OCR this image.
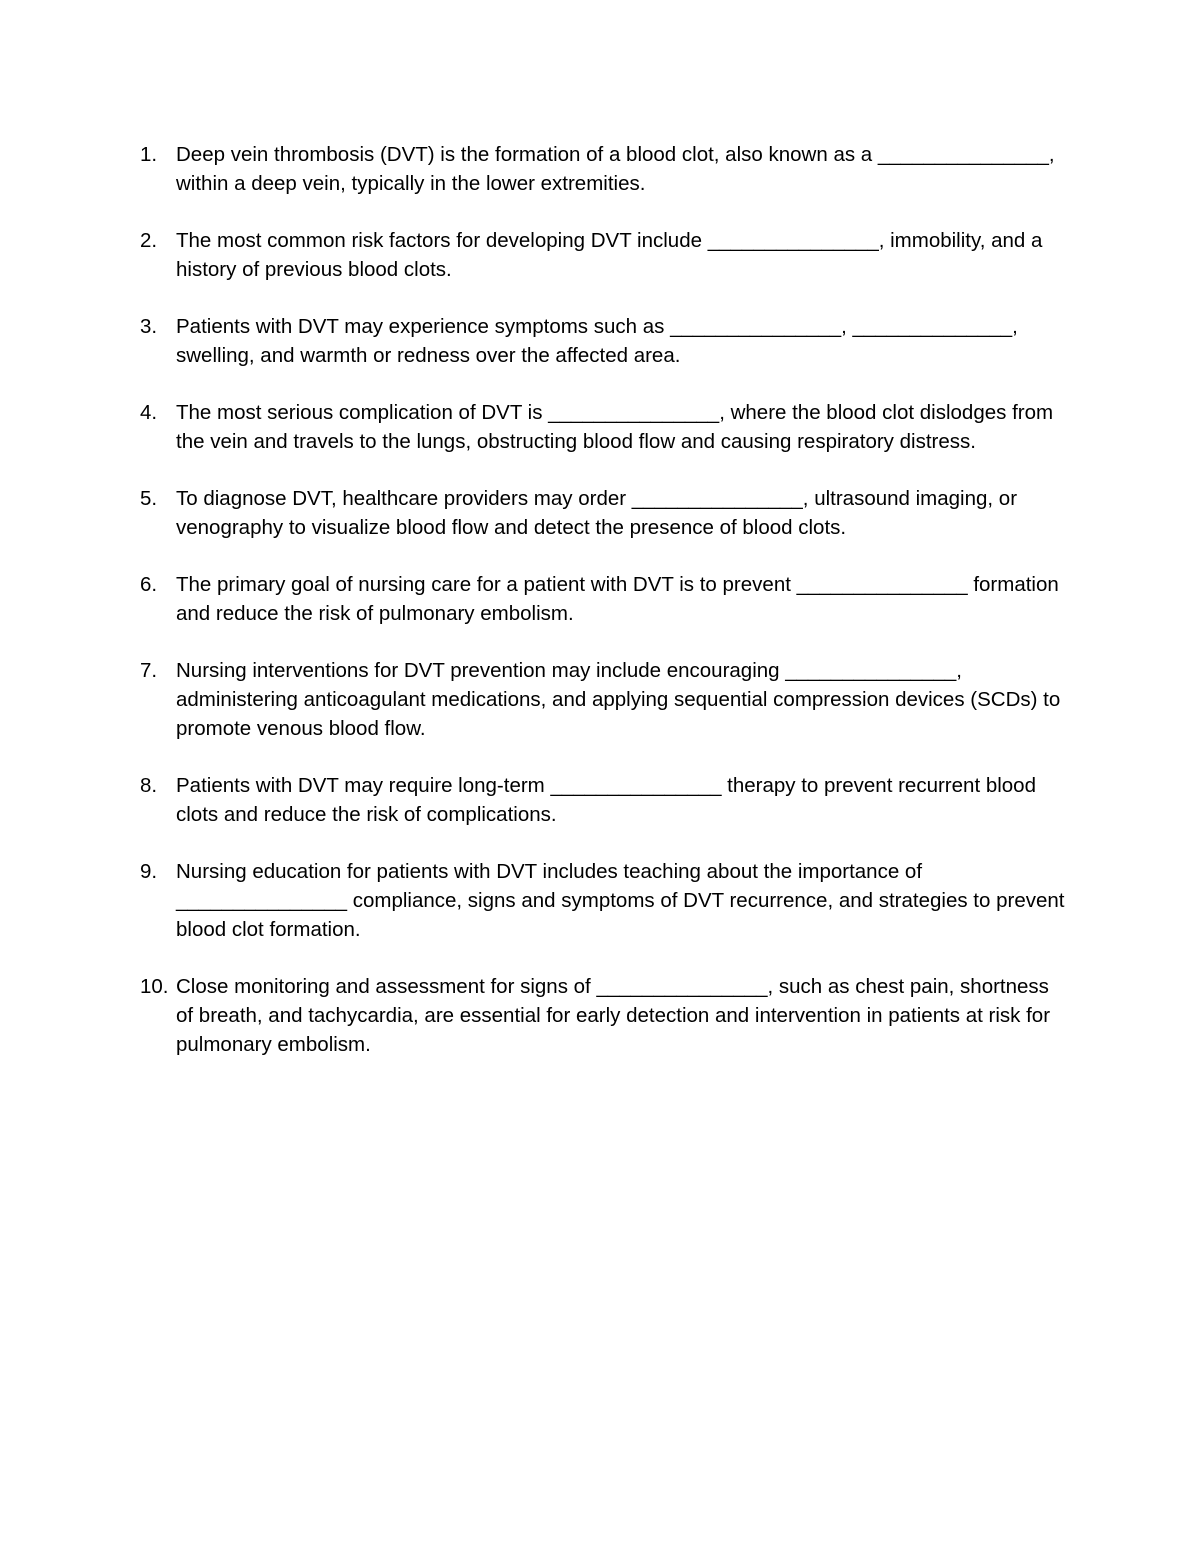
1. Deep vein thrombosis (DVT) is the formation of a blood clot, also known as a _______________, within a deep vein, typically in the lower extremities.
2. The most common risk factors for developing DVT include _______________, immobility, and a history of previous blood clots.
3. Patients with DVT may experience symptoms such as _______________, ______________, swelling, and warmth or redness over the affected area.
4. The most serious complication of DVT is _______________, where the blood clot dislodges from the vein and travels to the lungs, obstructing blood flow and causing respiratory distress.
5. To diagnose DVT, healthcare providers may order _______________, ultrasound imaging, or venography to visualize blood flow and detect the presence of blood clots.
6. The primary goal of nursing care for a patient with DVT is to prevent _______________ formation and reduce the risk of pulmonary embolism.
7. Nursing interventions for DVT prevention may include encouraging _______________, administering anticoagulant medications, and applying sequential compression devices (SCDs) to promote venous blood flow.
8. Patients with DVT may require long-term _______________ therapy to prevent recurrent blood clots and reduce the risk of complications.
9. Nursing education for patients with DVT includes teaching about the importance of _______________ compliance, signs and symptoms of DVT recurrence, and strategies to prevent blood clot formation.
10. Close monitoring and assessment for signs of _______________, such as chest pain, shortness of breath, and tachycardia, are essential for early detection and intervention in patients at risk for pulmonary embolism.
